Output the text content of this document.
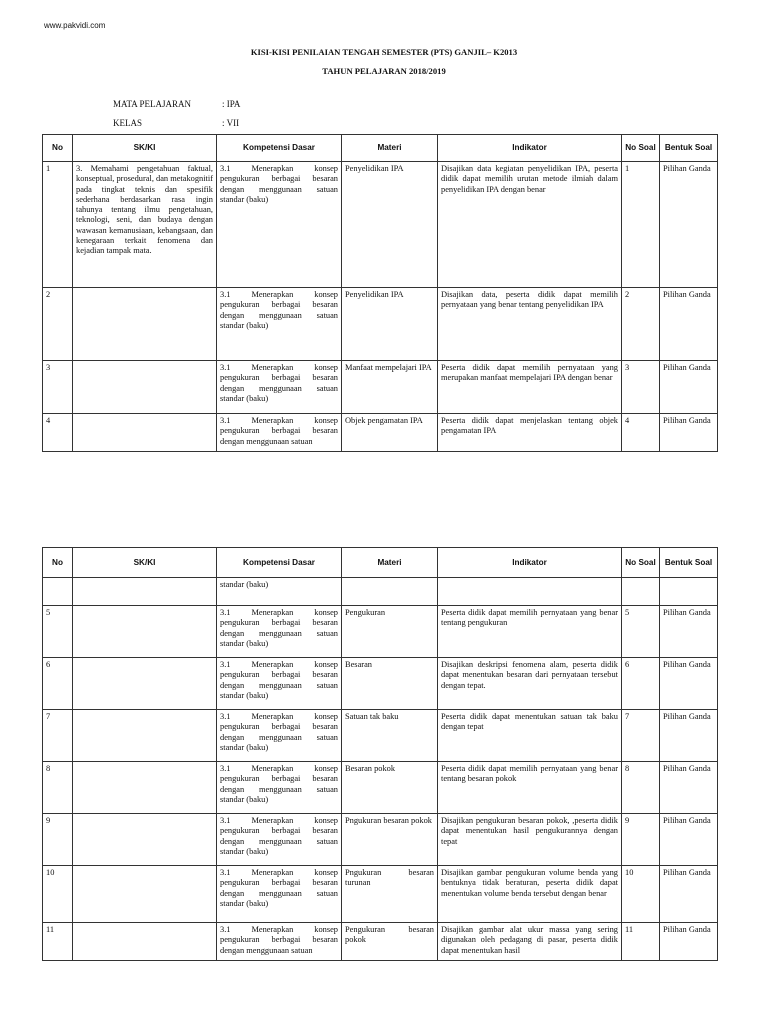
www.pakvidi.com
KISI-KISI PENILAIAN TENGAH SEMESTER (PTS) GANJIL– K2013
TAHUN PELAJARAN 2018/2019
MATA PELAJARAN	: IPA
KELAS	: VII
No	SK/KI	Kompetensi Dasar	Materi	Indikator	No Soal	Bentuk Soal
1	3. Memahami pengetahuan faktual, konseptual, prosedural, dan metakognitif pada tingkat teknis dan spesifik sederhana berdasarkan rasa ingin tahunya tentang ilmu pengetahuan, teknologi, seni, dan budaya dengan wawasan kemanusiaan, kebangsaan, dan kenegaraan terkait fenomena dan kejadian tampak mata.	3.1 Menerapkan konsep pengukuran berbagai besaran dengan menggunaan satuan standar (baku)	Penyelidikan IPA	Disajikan data kegiatan penyelidikan IPA, peserta didik dapat memilih urutan metode ilmiah dalam penyelidikan IPA dengan benar	1	Pilihan Ganda
2		3.1 Menerapkan konsep pengukuran berbagai besaran dengan menggunaan satuan standar (baku)	Penyelidikan IPA	Disajikan data, peserta didik dapat memilih pernyataan yang benar tentang penyelidikan IPA	2	Pilihan Ganda
3		3.1 Menerapkan konsep pengukuran berbagai besaran dengan menggunaan satuan standar (baku)	Manfaat mempelajari IPA	Peserta didik dapat memilih pernyataan yang merupakan manfaat mempelajari IPA dengan benar	3	Pilihan Ganda
4		3.1 Menerapkan konsep pengukuran berbagai besaran dengan menggunaan satuan	Objek pengamatan IPA	Peserta didik dapat menjelaskan tentang objek pengamatan IPA	4	Pilihan Ganda
No	SK/KI	Kompetensi Dasar	Materi	Indikator	No Soal	Bentuk Soal
		standar (baku)				
5		3.1 Menerapkan konsep pengukuran berbagai besaran dengan menggunaan satuan standar (baku)	Pengukuran	Peserta didik dapat memilih pernyataan yang benar tentang pengukuran	5	Pilihan Ganda
6		3.1 Menerapkan konsep pengukuran berbagai besaran dengan menggunaan satuan standar (baku)	Besaran	Disajikan deskripsi fenomena alam, peserta didik dapat menentukan besaran dari pernyataan tersebut dengan tepat.	6	Pilihan Ganda
7		3.1 Menerapkan konsep pengukuran berbagai besaran dengan menggunaan satuan standar (baku)	Satuan tak baku	Peserta didik dapat menentukan satuan tak baku dengan tepat	7	Pilihan Ganda
8		3.1 Menerapkan konsep pengukuran berbagai besaran dengan menggunaan satuan standar (baku)	Besaran pokok	Peserta didik dapat memilih pernyataan yang benar tentang besaran pokok	8	Pilihan Ganda
9		3.1 Menerapkan konsep pengukuran berbagai besaran dengan menggunaan satuan standar (baku)	Pngukuran besaran pokok	Disajikan pengukuran besaran pokok, ,peserta didik dapat menentukan hasil pengukurannya dengan tepat	9	Pilihan Ganda
10		3.1 Menerapkan konsep pengukuran berbagai besaran dengan menggunaan satuan standar (baku)	Pngukuran besaran turunan	Disajikan gambar pengukuran volume benda yang bentuknya tidak beraturan, peserta didik dapat menentukan volume benda tersebut dengan benar	10	Pilihan Ganda
11		3.1 Menerapkan konsep pengukuran berbagai besaran dengan menggunaan satuan	Pengukuran besaran pokok	Disajikan gambar alat ukur massa yang sering digunakan oleh pedagang di pasar, peserta didik dapat menentukan hasil	11	Pilihan Ganda
